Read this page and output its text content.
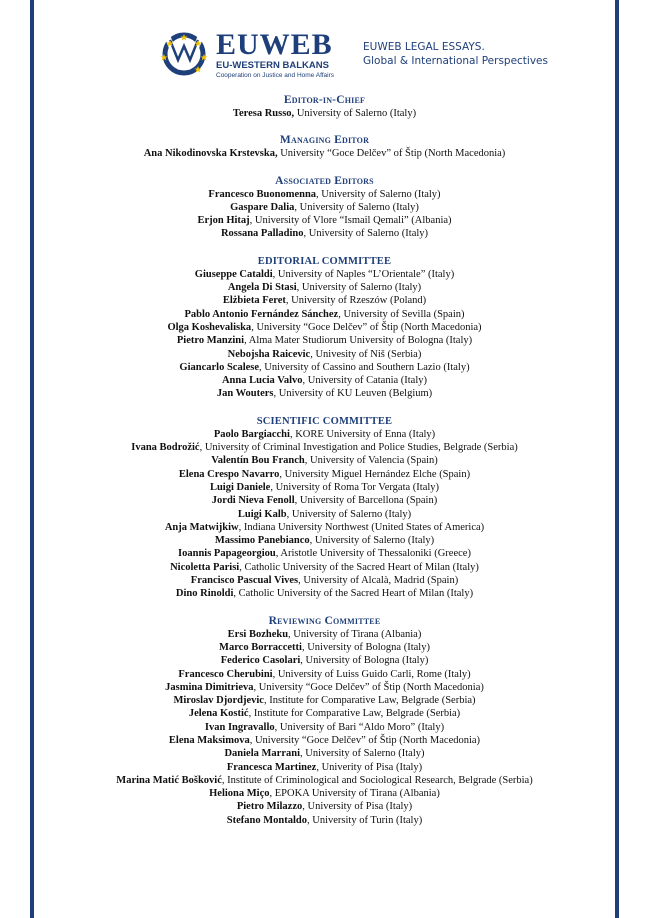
EUWEB
EU-WESTERN BALKANS
Cooperation on Justice and Home Affairs
EUWEB LEGAL ESSAYS.
Global & International Perspectives
Editor-in-Chief
Teresa Russo, University of Salerno (Italy)
Managing Editor
Ana Nikodinovska Krstevska, University “Goce Delčev” of Štip (North Macedonia)
Associated Editors
Francesco Buonomenna, University of Salerno (Italy)
Gaspare Dalia, University of Salerno (Italy)
Erjon Hitaj, University of Vlore “Ismail Qemali” (Albania)
Rossana Palladino, University of Salerno (Italy)
EDITORIAL COMMITTEE
Giuseppe Cataldi, University of Naples “L’Orientale” (Italy)
Angela Di Stasi, University of Salerno (Italy)
Elżbieta Feret, University of Rzeszów (Poland)
Pablo Antonio Fernández Sánchez, University of Sevilla (Spain)
Olga Koshevaliska, University “Goce Delčev” of Štip (North Macedonia)
Pietro Manzini, Alma Mater Studiorum University of Bologna (Italy)
Nebojsha Raicevic, Univesity of Niš (Serbia)
Giancarlo Scalese, University of Cassino and Southern Lazio (Italy)
Anna Lucia Valvo, University of Catania (Italy)
Jan Wouters, University of KU Leuven (Belgium)
SCIENTIFIC COMMITTEE
Paolo Bargiacchi, KORE University of Enna (Italy)
Ivana Bodrožić, University of Criminal Investigation and Police Studies, Belgrade (Serbia)
Valentín Bou Franch, University of Valencia (Spain)
Elena Crespo Navarro, University Miguel Hernández Elche (Spain)
Luigi Daniele, University of Roma Tor Vergata (Italy)
Jordi Nieva Fenoll, University of Barcellona (Spain)
Luigi Kalb, University of Salerno (Italy)
Anja Matwijkiw, Indiana University Northwest (United States of America)
Massimo Panebianco, University of Salerno (Italy)
Ioannis Papageorgiou, Aristotle University of Thessaloniki (Greece)
Nicoletta Parisi, Catholic University of the Sacred Heart of Milan (Italy)
Francisco Pascual Vives, University of Alcalà, Madrid (Spain)
Dino Rinoldi, Catholic University of the Sacred Heart of Milan (Italy)
Reviewing Committee
Ersi Bozheku, University of Tirana (Albania)
Marco Borraccetti, University of Bologna (Italy)
Federico Casolari, University of Bologna (Italy)
Francesco Cherubini, University of Luiss Guido Carli, Rome (Italy)
Jasmina Dimitrieva, University “Goce Delčev” of Štip (North Macedonia)
Miroslav Djordjevic, Institute for Comparative Law, Belgrade (Serbia)
Jelena Kostić, Institute for Comparative Law, Belgrade (Serbia)
Ivan Ingravallo, University of Bari “Aldo Moro” (Italy)
Elena Maksimova, University “Goce Delčev” of Štip (North Macedonia)
Daniela Marrani, University of Salerno (Italy)
Francesca Martinez, Univerity of Pisa (Italy)
Marina Matić Bošković, Institute of Criminological and Sociological Research, Belgrade (Serbia)
Heliona Miço, EPOKA University of Tirana (Albania)
Pietro Milazzo, University of Pisa (Italy)
Stefano Montaldo, University of Turin (Italy)
